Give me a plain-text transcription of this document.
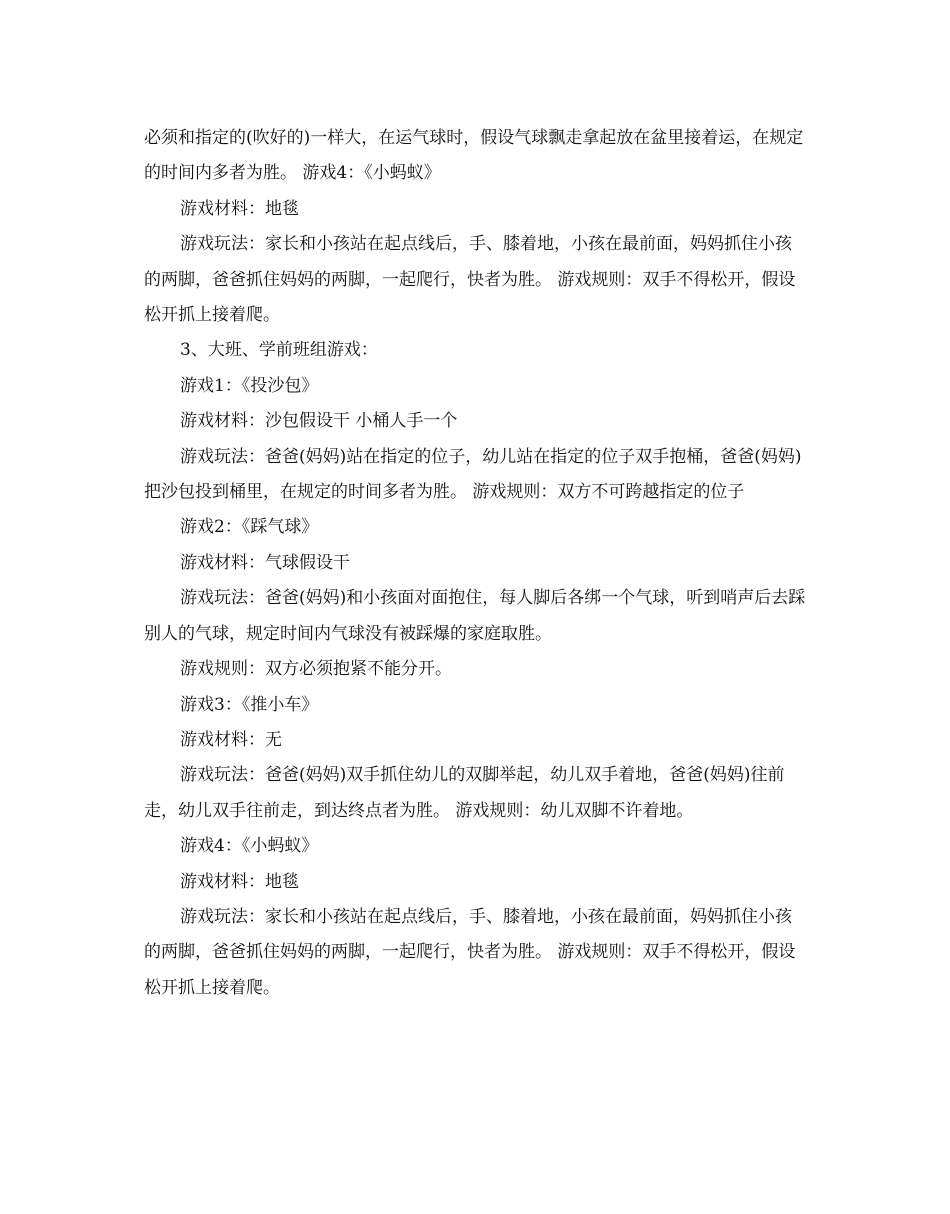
必须和指定的(吹好的)一样大，在运气球时，假设气球飘走拿起放在盆里接着运，在规定的时间内多者为胜。 游戏4：《小蚂蚁》

游戏材料：地毯

游戏玩法：家长和小孩站在起点线后，手、膝着地，小孩在最前面，妈妈抓住小孩的两脚，爸爸抓住妈妈的两脚，一起爬行，快者为胜。 游戏规则：双手不得松开，假设松开抓上接着爬。

3、大班、学前班组游戏：

游戏1：《投沙包》

游戏材料：沙包假设干 小桶人手一个

游戏玩法：爸爸(妈妈)站在指定的位子，幼儿站在指定的位子双手抱桶，爸爸(妈妈)把沙包投到桶里，在规定的时间多者为胜。 游戏规则：双方不可跨越指定的位子

游戏2：《踩气球》

游戏材料：气球假设干

游戏玩法：爸爸(妈妈)和小孩面对面抱住，每人脚后各绑一个气球，听到哨声后去踩别人的气球，规定时间内气球没有被踩爆的家庭取胜。

游戏规则：双方必须抱紧不能分开。

游戏3：《推小车》

游戏材料：无

游戏玩法：爸爸(妈妈)双手抓住幼儿的双脚举起，幼儿双手着地，爸爸(妈妈)往前走，幼儿双手往前走，到达终点者为胜。 游戏规则：幼儿双脚不许着地。

游戏4：《小蚂蚁》

游戏材料：地毯

游戏玩法：家长和小孩站在起点线后，手、膝着地，小孩在最前面，妈妈抓住小孩的两脚，爸爸抓住妈妈的两脚，一起爬行，快者为胜。 游戏规则：双手不得松开，假设松开抓上接着爬。
